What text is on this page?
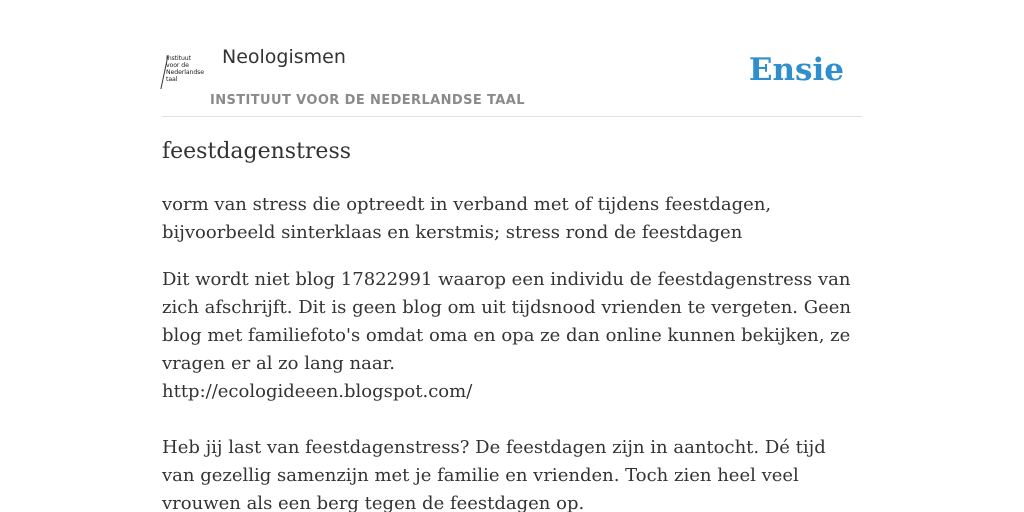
Instituut
voor de
Nederlandse
taal
Neologismen
INSTITUUT VOOR DE NEDERLANDSE TAAL
Ensie
feestdagenstress

vorm van stress die optreedt in verband met of tijdens feestdagen, bijvoorbeeld sinterklaas en kerstmis; stress rond de feestdagen

Dit wordt niet blog 17822991 waarop een individu de feestdagenstress van zich afschrijft. Dit is geen blog om uit tijdsnood vrienden te vergeten. Geen blog met familiefoto's omdat oma en opa ze dan online kunnen bekijken, ze vragen er al zo lang naar.
http://ecologideeen.blogspot.com/
Heb jij last van feestdagenstress? De feestdagen zijn in aantocht. Dé tijd van gezellig samenzijn met je familie en vrienden. Toch zien heel veel vrouwen als een berg tegen de feestdagen op.
